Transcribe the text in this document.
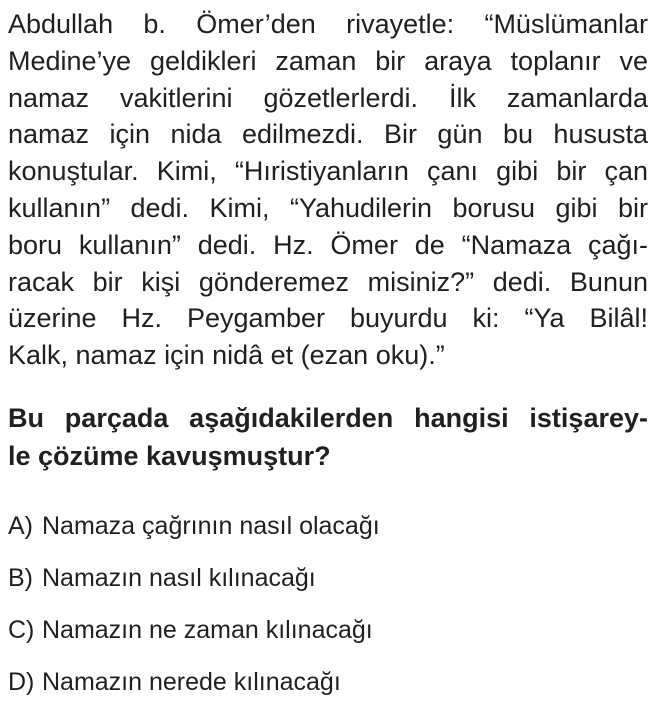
Abdullah b. Ömer’den rivayetle: “Müslümanlar
Medine’ye geldikleri zaman bir araya toplanır ve
namaz vakitlerini gözetlerlerdi. İlk zamanlarda
namaz için nida edilmezdi. Bir gün bu hususta
konuştular. Kimi, “Hıristiyanların çanı gibi bir çan
kullanın” dedi. Kimi, “Yahudilerin borusu gibi bir
boru kullanın” dedi. Hz. Ömer de “Namaza çağı-
racak bir kişi gönderemez misiniz?” dedi. Bunun
üzerine Hz. Peygamber buyurdu ki: “Ya Bilâl!
Kalk, namaz için nidâ et (ezan oku).”
Bu parçada aşağıdakilerden hangisi istişarey-
le çözüme kavuşmuştur?
A) Namaza çağrının nasıl olacağı
B) Namazın nasıl kılınacağı
C) Namazın ne zaman kılınacağı
D) Namazın nerede kılınacağı
